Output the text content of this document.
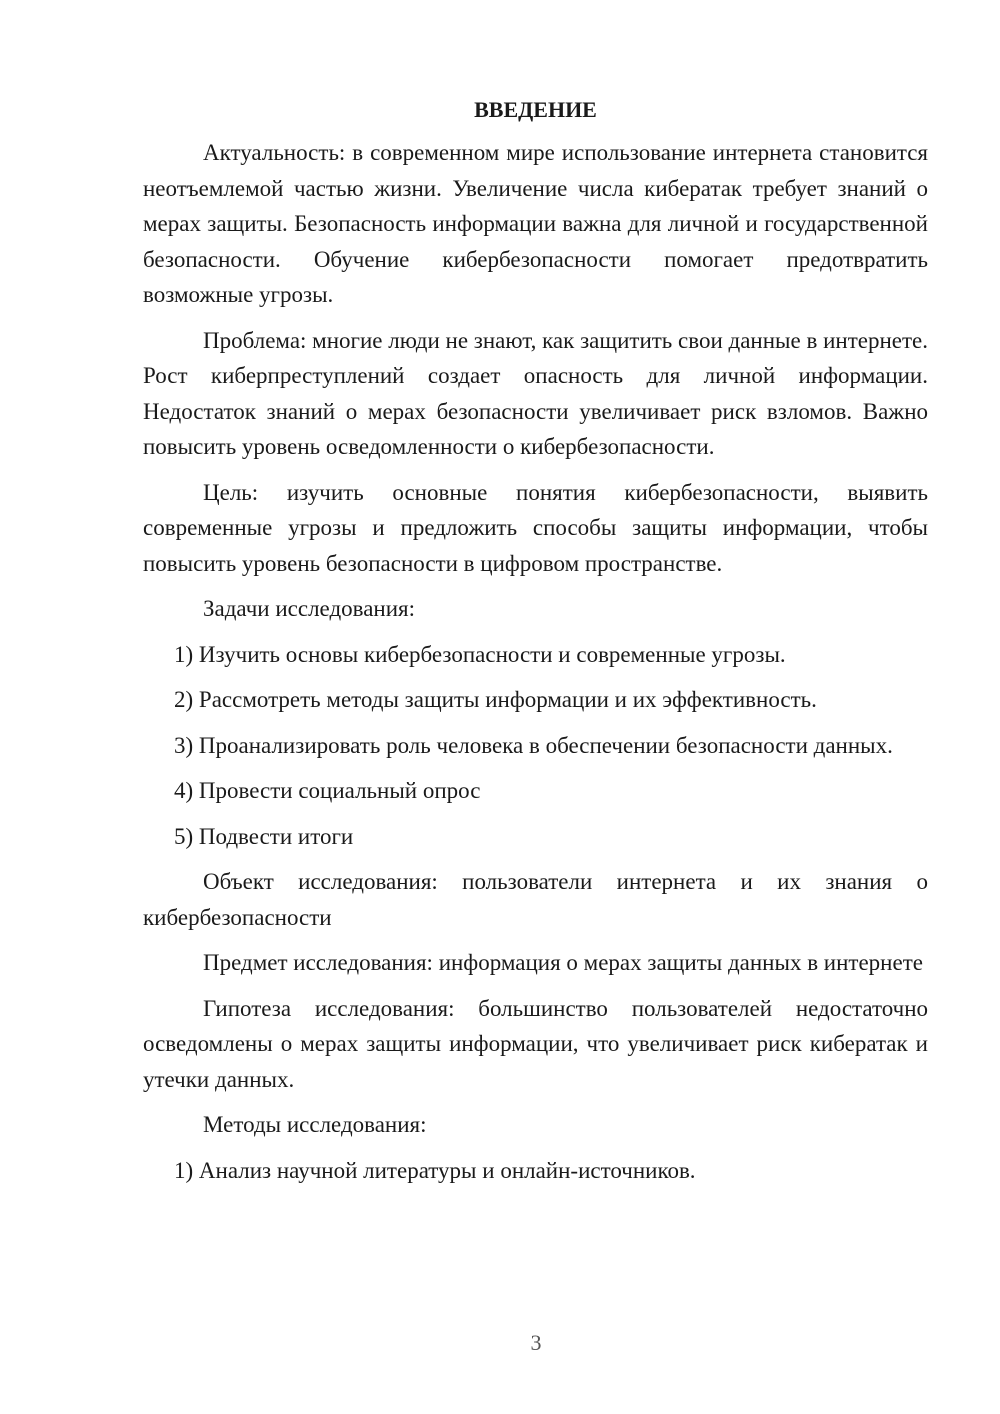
ВВЕДЕНИЕ

Актуальность: в современном мире использование интернета становится неотъемлемой частью жизни. Увеличение числа кибератак требует знаний о мерах защиты. Безопасность информации важна для личной и государственной безопасности. Обучение кибербезопасности помогает предотвратить возможные угрозы.

Проблема: многие люди не знают, как защитить свои данные в интернете. Рост киберпреступлений создает опасность для личной информации. Недостаток знаний о мерах безопасности увеличивает риск взломов. Важно повысить уровень осведомленности о кибербезопасности.

Цель: изучить основные понятия кибербезопасности, выявить современные угрозы и предложить способы защиты информации, чтобы повысить уровень безопасности в цифровом пространстве.

Задачи исследования:

1) Изучить основы кибербезопасности и современные угрозы.

2) Рассмотреть методы защиты информации и их эффективность.

3) Проанализировать роль человека в обеспечении безопасности данных.

4) Провести социальный опрос

5) Подвести итоги

Объект исследования: пользователи интернета и их знания о кибербезопасности

Предмет исследования: информация о мерах защиты данных в интернете

Гипотеза исследования: большинство пользователей недостаточно осведомлены о мерах защиты информации, что увеличивает риск кибератак и утечки данных.

Методы исследования:

1) Анализ научной литературы и онлайн-источников.

3
